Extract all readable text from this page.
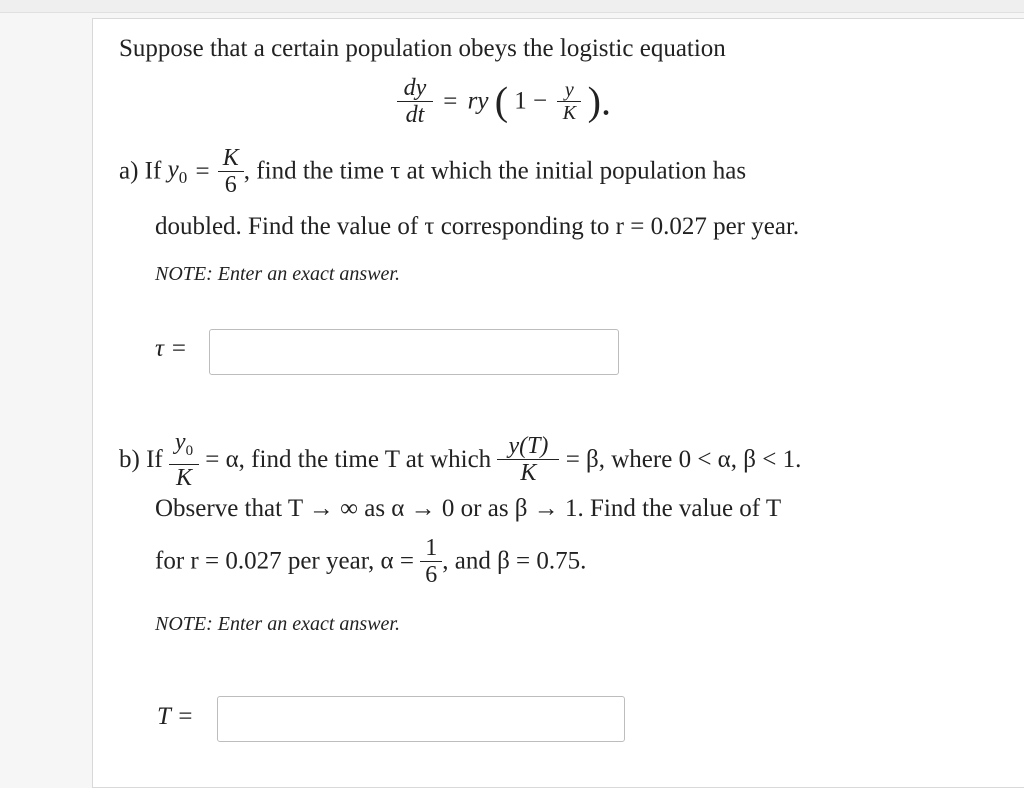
Suppose that a certain population obeys the logistic equation
$\frac{dy}{dt}$ = ry ( $1 - \frac{y}{K}$ ).
a) If $y_0 = \frac{K}{6}$ , find the time τ at which the initial population has
doubled. Find the value of τ corresponding to r = 0.027 per year.
NOTE: Enter an exact answer.
τ =
b) If $\frac{y_0}{K} = \alpha$, find the time T at which $\frac{y(T)}{K} = \beta$, where 0 < α, β < 1.
Observe that T → ∞ as α → 0 or as β → 1. Find the value of T
for r = 0.027 per year, $\alpha = \frac{1}{6}$ , and β = 0.75.
NOTE: Enter an exact answer.
T =
